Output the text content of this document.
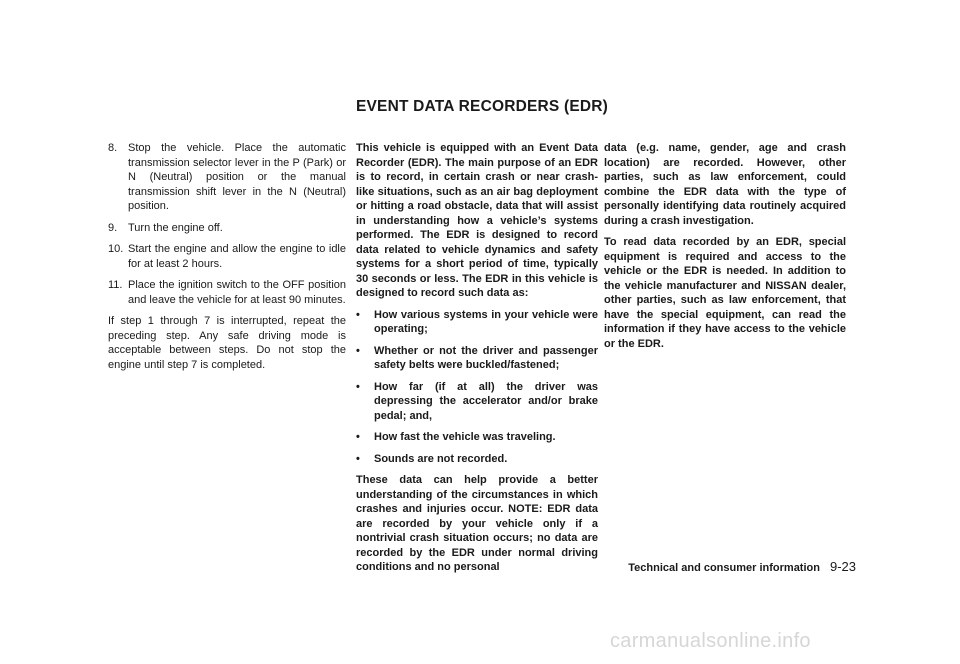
EVENT DATA RECORDERS (EDR)
8. Stop the vehicle. Place the automatic transmission selector lever in the P (Park) or N (Neutral) position or the manual transmission shift lever in the N (Neutral) position.
9. Turn the engine off.
10. Start the engine and allow the engine to idle for at least 2 hours.
11. Place the ignition switch to the OFF position and leave the vehicle for at least 90 minutes.

If step 1 through 7 is interrupted, repeat the preceding step. Any safe driving mode is acceptable between steps. Do not stop the engine until step 7 is completed.

This vehicle is equipped with an Event Data Recorder (EDR). The main purpose of an EDR is to record, in certain crash or near crash-like situations, such as an air bag deployment or hitting a road obstacle, data that will assist in understanding how a vehicle’s systems performed. The EDR is designed to record data related to vehicle dynamics and safety systems for a short period of time, typically 30 seconds or less. The EDR in this vehicle is designed to record such data as:

•	How various systems in your vehicle were operating;
•	Whether or not the driver and passenger safety belts were buckled/fastened;
•	How far (if at all) the driver was depressing the accelerator and/or brake pedal; and,
•	How fast the vehicle was traveling.
•	Sounds are not recorded.

These data can help provide a better understanding of the circumstances in which crashes and injuries occur. NOTE: EDR data are recorded by your vehicle only if a nontrivial crash situation occurs; no data are recorded by the EDR under normal driving conditions and no personal

data (e.g. name, gender, age and crash location) are recorded. However, other parties, such as law enforcement, could combine the EDR data with the type of personally identifying data routinely acquired during a crash investigation.

To read data recorded by an EDR, special equipment is required and access to the vehicle or the EDR is needed. In addition to the vehicle manufacturer and NISSAN dealer, other parties, such as law enforcement, that have the special equipment, can read the information if they have access to the vehicle or the EDR.

Technical and consumer information 9-23
carmanualsonline.info
